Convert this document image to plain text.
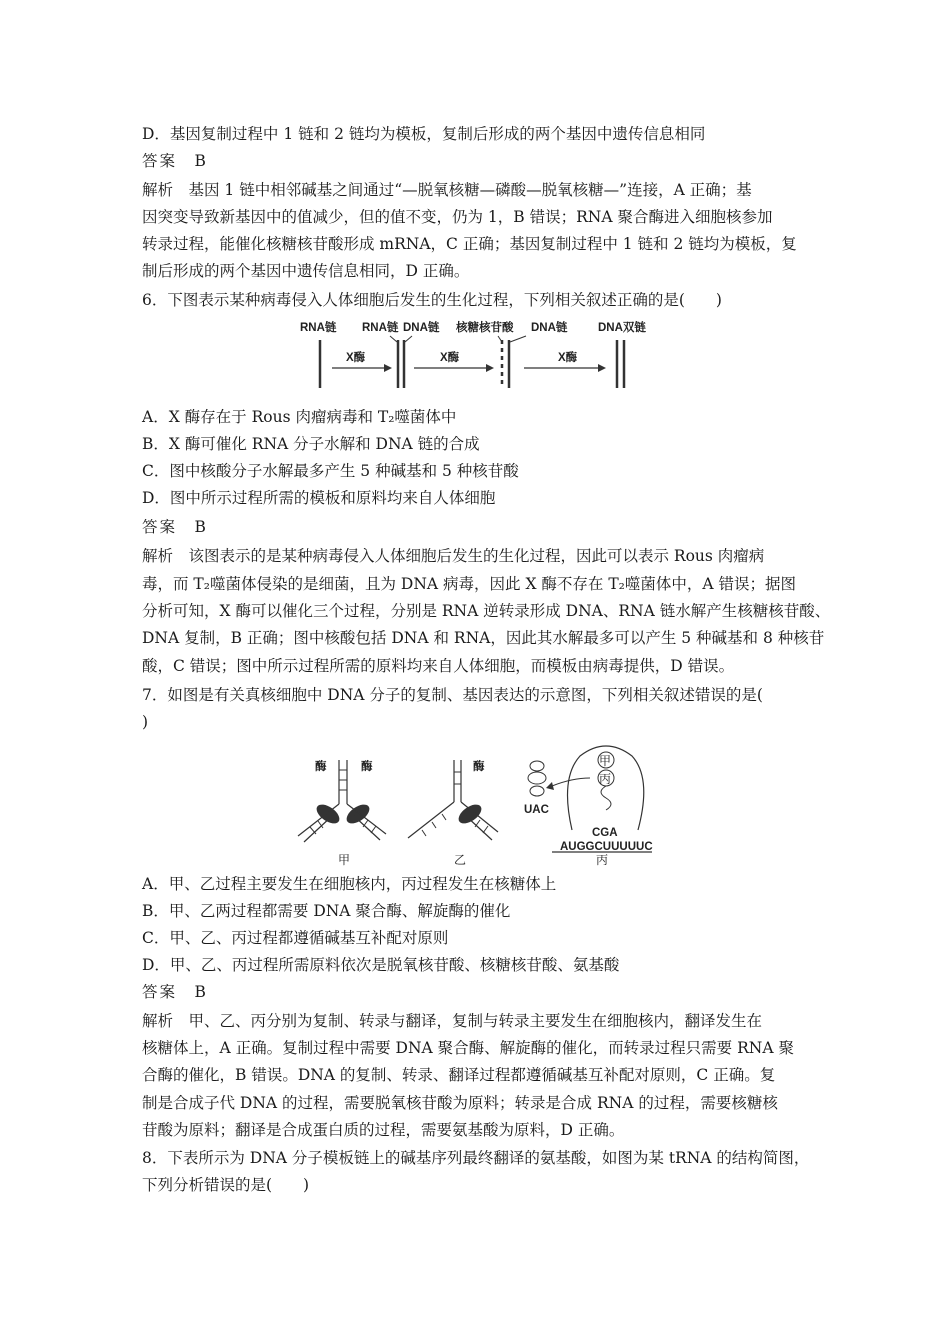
D．基因复制过程中 1 链和 2 链均为模板，复制后形成的两个基因中遗传信息相同
答案　B
解析　基因 1 链中相邻碱基之间通过“—脱氧核糖—磷酸—脱氧核糖—”连接，A 正确；基
因突变导致新基因中的值减少，但的值不变，仍为 1，B 错误；RNA 聚合酶进入细胞核参加
转录过程，能催化核糖核苷酸形成 mRNA，C 正确；基因复制过程中 1 链和 2 链均为模板，复
制后形成的两个基因中遗传信息相同，D 正确。
6．下图表示某种病毒侵入人体细胞后发生的生化过程，下列相关叙述正确的是(　　)
RNA链 RNA链 DNA链 核糖核苷酸 DNA链	DNA双链
X酶	X酶	X酶
A．X 酶存在于 Rous 肉瘤病毒和 T₂噬菌体中
B．X 酶可催化 RNA 分子水解和 DNA 链的合成
C．图中核酸分子水解最多产生 5 种碱基和 5 种核苷酸
D．图中所示过程所需的模板和原料均来自人体细胞
答案　B
解析　该图表示的是某种病毒侵入人体细胞后发生的生化过程，因此可以表示 Rous 肉瘤病
毒，而 T₂噬菌体侵染的是细菌，且为 DNA 病毒，因此 X 酶不存在 T₂噬菌体中，A 错误；据图
分析可知，X 酶可以催化三个过程，分别是 RNA 逆转录形成 DNA、RNA 链水解产生核糖核苷酸、
DNA 复制，B 正确；图中核酸包括 DNA 和 RNA，因此其水解最多可以产生 5 种碱基和 8 种核苷
酸，C 错误；图中所示过程所需的原料均来自人体细胞，而模板由病毒提供，D 错误。
7．如图是有关真核细胞中 DNA 分子的复制、基因表达的示意图，下列相关叙述错误的是(
)
酶	酶	酶
UAC
甲
丙
CGA
AUGGCUUUUUC
甲	乙	丙
A．甲、乙过程主要发生在细胞核内，丙过程发生在核糖体上
B．甲、乙两过程都需要 DNA 聚合酶、解旋酶的催化
C．甲、乙、丙过程都遵循碱基互补配对原则
D．甲、乙、丙过程所需原料依次是脱氧核苷酸、核糖核苷酸、氨基酸
答案　B
解析　甲、乙、丙分别为复制、转录与翻译，复制与转录主要发生在细胞核内，翻译发生在
核糖体上，A 正确。复制过程中需要 DNA 聚合酶、解旋酶的催化，而转录过程只需要 RNA 聚
合酶的催化，B 错误。DNA 的复制、转录、翻译过程都遵循碱基互补配对原则，C 正确。复
制是合成子代 DNA 的过程，需要脱氧核苷酸为原料；转录是合成 RNA 的过程，需要核糖核
苷酸为原料；翻译是合成蛋白质的过程，需要氨基酸为原料，D 正确。
8．下表所示为 DNA 分子模板链上的碱基序列最终翻译的氨基酸，如图为某 tRNA 的结构简图，
下列分析错误的是(　　)
